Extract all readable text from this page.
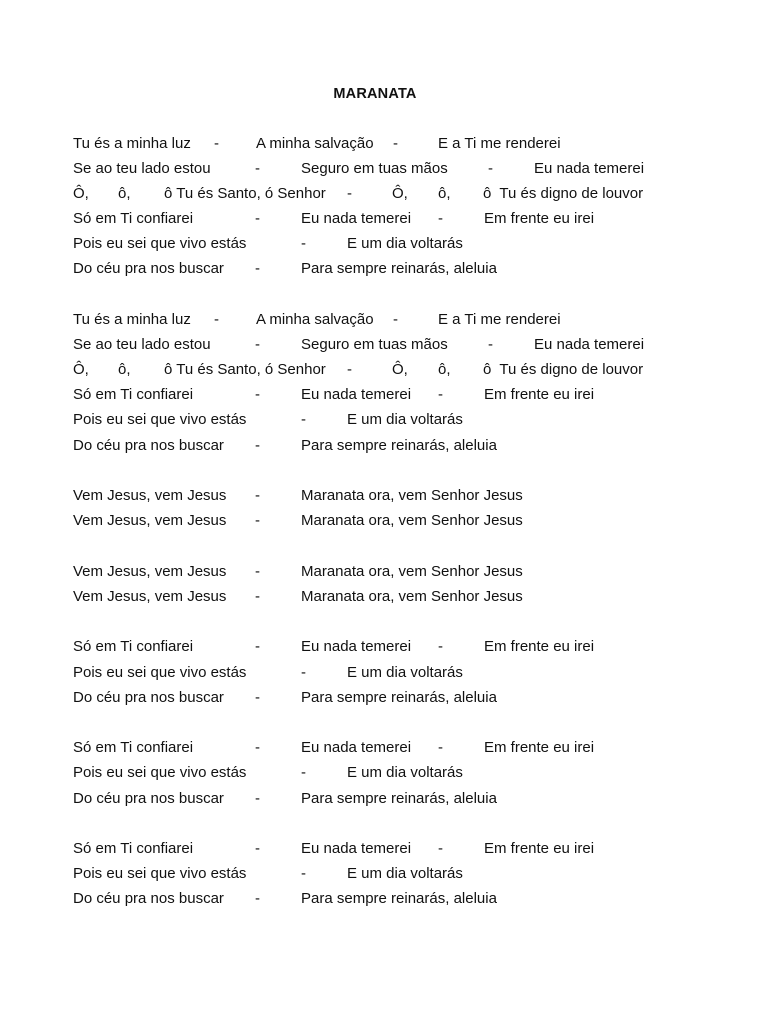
MARANATA
Tu és a minha luz - A minha salvação -	E a Ti me renderei
Se ao teu lado estou	-	Seguro em tuas mãos	-	Eu nada temerei
Ô, ô, ô Tu és Santo, ó Senhor -	Ô, ô, ô  Tu és digno de louvor
Só em Ti confiarei	-	Eu nada temerei -	Em frente eu irei
Pois eu sei que vivo estás	-	E um dia voltarás
Do céu pra nos buscar -	Para sempre reinarás, aleluia
Tu és a minha luz - A minha salvação -	E a Ti me renderei
Se ao teu lado estou	-	Seguro em tuas mãos	-	Eu nada temerei
Ô, ô, ô Tu és Santo, ó Senhor -	Ô, ô, ô  Tu és digno de louvor
Só em Ti confiarei	-	Eu nada temerei -	Em frente eu irei
Pois eu sei que vivo estás	-	E um dia voltarás
Do céu pra nos buscar -	Para sempre reinarás, aleluia
Vem Jesus, vem Jesus -	Maranata ora, vem Senhor Jesus
Vem Jesus, vem Jesus -	Maranata ora, vem Senhor Jesus
Vem Jesus, vem Jesus -	Maranata ora, vem Senhor Jesus
Vem Jesus, vem Jesus -	Maranata ora, vem Senhor Jesus
Só em Ti confiarei	-	Eu nada temerei -	Em frente eu irei
Pois eu sei que vivo estás	-	E um dia voltarás
Do céu pra nos buscar -	Para sempre reinarás, aleluia
Só em Ti confiarei	-	Eu nada temerei -	Em frente eu irei
Pois eu sei que vivo estás	-	E um dia voltarás
Do céu pra nos buscar -	Para sempre reinarás, aleluia
Só em Ti confiarei	-	Eu nada temerei -	Em frente eu irei
Pois eu sei que vivo estás	-	E um dia voltarás
Do céu pra nos buscar -	Para sempre reinarás, aleluia
